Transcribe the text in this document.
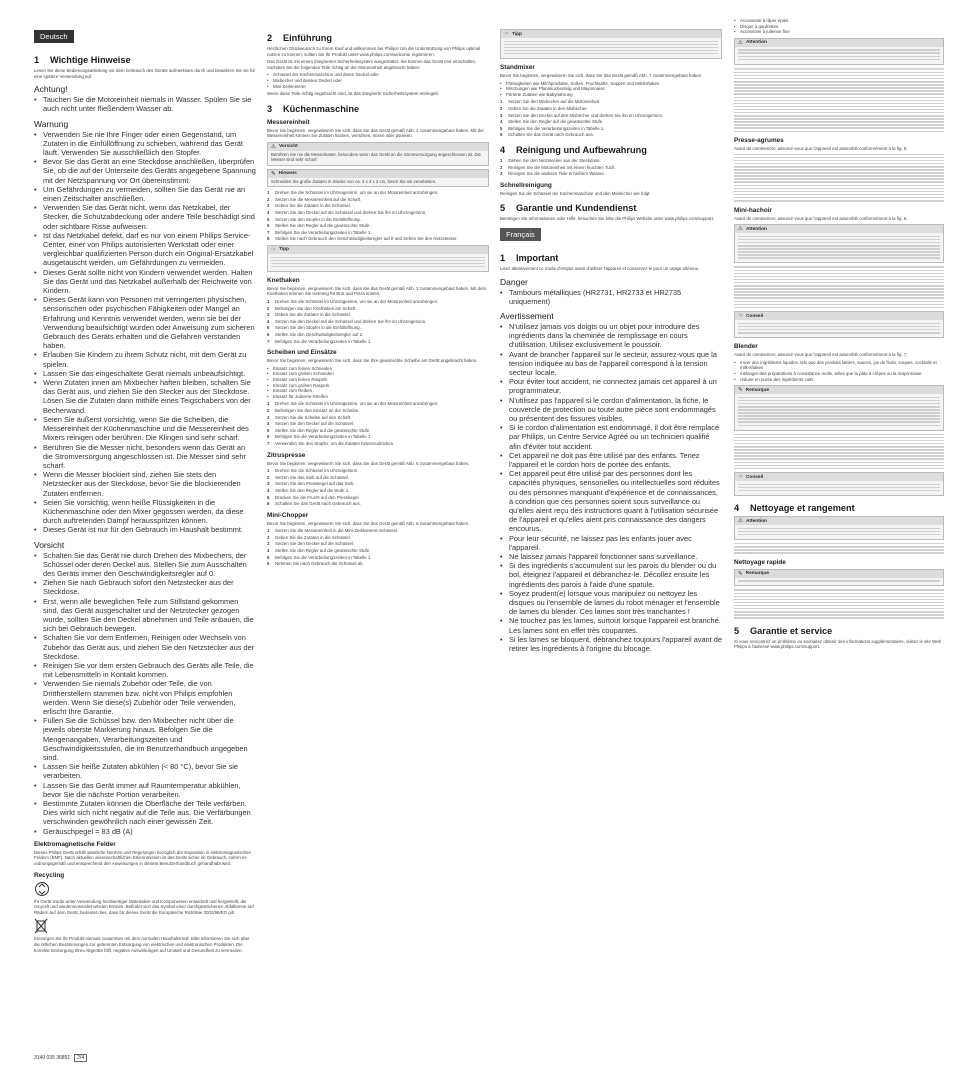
Deutsch
1 Wichtige Hinweise

Lesen Sie diese Bedienungsanleitung vor dem Gebrauch des Geräts aufmerksam durch und bewahren Sie sie für eine spätere Verwendung auf.

Achtung!
• Tauchen Sie die Motoreinheit niemals in Wasser. Spülen Sie sie auch nicht unter fließendem Wasser ab.
Warnung
• Verwenden Sie nie Ihre Finger oder einen Gegenstand, um Zutaten in die Einfüllöffnung zu schieben, während das Gerät läuft. Verwenden Sie ausschließlich den Stopfer.
• Bevor Sie das Gerät an eine Steckdose anschließen, überprüfen Sie, ob die auf der Unterseite des Geräts angegebene Spannung mit der Netzspannung vor Ort übereinstimmt.
• Um Gefährdungen zu vermeiden, sollten Sie das Gerät nie an einen Zeitschalter anschließen.
• Verwenden Sie das Gerät nicht, wenn das Netzkabel, der Stecker, die Schutzabdeckung oder andere Teile beschädigt sind oder sichtbare Risse aufweisen.
• Ist das Netzkabel defekt, darf es nur von einem Philips Service-Center, einer von Philips autorisierten Werkstatt oder einer vergleichbar qualifizierten Person durch ein Original-Ersatzkabel ausgetauscht werden, um Gefährdungen zu vermeiden.
• Dieses Gerät sollte nicht von Kindern verwendet werden. Halten Sie das Gerät und das Netzkabel außerhalb der Reichweite von Kindern.
• Dieses Gerät kann von Personen mit verringerten physischen, sensorischen oder psychischen Fähigkeiten oder Mangel an Erfahrung und Kenntnis verwendet werden, wenn sie bei der Verwendung beaufsichtigt wurden oder Anweisung zum sicheren Gebrauch des Geräts erhalten und die Gefahren verstanden haben.
• Erlauben Sie Kindern zu ihrem Schutz nicht, mit dem Gerät zu spielen.
• Lassen Sie das eingeschaltete Gerät niemals unbeaufsichtigt.
• Wenn Zutaten innen am Mixbecher haften bleiben, schalten Sie das Gerät aus, und ziehen Sie den Stecker aus der Steckdose. Lösen Sie die Zutaten dann mithilfe eines Teigschabers von der Becherwand.
• Seien Sie äußerst vorsichtig, wenn Sie die Scheiben, die Messereinheit der Küchenmaschine und die Messereinheit des Mixers reinigen oder berühren. Die Klingen sind sehr scharf.
• Berühren Sie die Messer nicht, besonders wenn das Gerät an die Stromversorgung angeschlossen ist. Die Messer sind sehr scharf.
• Wenn die Messer blockiert sind, ziehen Sie stets den Netzstecker aus der Steckdose, bevor Sie die blockierenden Zutaten entfernen.
• Seien Sie vorsichtig, wenn heiße Flüssigkeiten in die Küchenmaschine oder den Mixer gegossen werden, da diese durch auftretenden Dampf herausspritzen können.
• Dieses Gerät ist nur für den Gebrauch im Haushalt bestimmt.
Vorsicht
• Schalten Sie das Gerät nie durch Drehen des Mixbechers, der Schüssel oder deren Deckel aus. Stellen Sie zum Ausschalten des Geräts immer den Geschwindigkeitsregler auf 0.
• Ziehen Sie nach Gebrauch sofort den Netzstecker aus der Steckdose.
• Erst, wenn alle beweglichen Teile zum Stillstand gekommen sind, das Gerät ausgeschaltet und der Netzstecker gezogen wurde, sollten Sie den Deckel abnehmen und Teile anbauen, die sich bei Gebrauch bewegen.
• Schalten Sie vor dem Entfernen, Reinigen oder Wechseln von Zubehör das Gerät aus, und ziehen Sie den Netzstecker aus der Steckdose.
• Reinigen Sie vor dem ersten Gebrauch des Geräts alle Teile, die mit Lebensmitteln in Kontakt kommen.
• Verwenden Sie niemals Zubehör oder Teile, die von Drittherstellern stammen bzw. nicht von Philips empfohlen werden. Wenn Sie diese(s) Zubehör oder Teile verwenden, erlischt Ihre Garantie.
• Füllen Sie die Schüssel bzw. den Mixbecher nicht über die jeweils oberste Markierung hinaus. Befolgen Sie die Mengenangaben, Verarbeitungszeiten und Geschwindigkeitsstufen, die im Benutzerhandbuch angegeben sind.
• Lassen Sie heiße Zutaten abkühlen (< 80 °C), bevor Sie sie verarbeiten.
• Lassen Sie das Gerät immer auf Raumtemperatur abkühlen, bevor Sie die nächste Portion verarbeiten.
• Bestimmte Zutaten können die Oberfläche der Teile verfärben. Dies wirkt sich nicht negativ auf die Teile aus. Die Verfärbungen verschwinden gewöhnlich nach einer gewissen Zeit.
• Geräuschpegel = 83 dB (A)
Elektromagnetische Felder

Dieses Philips Gerät erfüllt sämtliche Normen und Regelungen bezüglich der Exposition in elektromagnetischen Feldern (EMF). Nach aktuellen wissenschaftlichen Erkenntnissen ist das Gerät sicher im Gebrauch, sofern es ordnungsgemäß und entsprechend den Anweisungen in diesem Benutzerhandbuch gehandhabt wird.

Recycling

Ihr Gerät wurde unter Verwendung hochwertiger Materialien und Komponenten entwickelt und hergestellt, die recycelt und wiederverwendet werden können. Befindet sich das Symbol einer durchgestrichenen Abfalltonne auf Rädern auf dem Gerät, bedeutet dies, dass für dieses Gerät die Europäische Richtlinie 2002/96/EG gilt.

Entsorgen Sie Ihr Produkt niemals zusammen mit dem normalen Haushaltsmüll. Bitte informieren Sie sich über die örtlichen Bestimmungen zur getrennten Entsorgung von elektrischen und elektronischen Produkten. Die korrekte Entsorgung Ihres Altgeräts hilft, negative Auswirkungen auf Umwelt und Gesundheit zu vermeiden.

2 Einführung

Herzlichen Glückwunsch zu Ihrem Kauf und willkommen bei Philips! Um die Unterstützung von Philips optimal nutzen zu können, sollten Sie Ihr Produkt unter www.philips.com/welcome registrieren.

Das Gerät ist mit einem integrierten Sicherheitssystem ausgestattet. Sie können das Gerät erst einschalten, nachdem Sie die folgenden Teile richtig an der Motoreinheit angebracht haben:

• Schüssel der Küchenmaschine und deren Deckel oder
• Mixbecher und dessen Deckel oder
• Mini-Zerkleinerer

Wenn diese Teile richtig angebracht sind, ist das integrierte Sicherheitssystem entriegelt.

3 Küchenmaschine
Messereinheit

Bevor Sie beginnen, vergewissern Sie sich, dass Sie das Gerät gemäß Abb. 2 zusammengebaut haben. Mit der Messereinheit können Sie Zutaten hacken, verrühren, mixen oder pürieren.

⚠ Vorsicht

Berühren Sie nie die Messerkante, besonders wenn das Gerät an die Stromversorgung angeschlossen ist. Die Messer sind sehr scharf.

✎ Hinweis

Schneiden Sie große Zutaten in Stücke von ca. 3 x 3 x 3 cm, bevor Sie sie verarbeiten.

1 Drehen Sie die Schüssel im Uhrzeigersinn, um sie an der Motoreinheit anzubringen.
2 Setzen Sie die Messereinheit auf die Schaft.
3 Geben Sie die Zutaten in die Schüssel.
4 Setzen Sie den Deckel auf die Schüssel und drehen Sie ihn im Uhrzeigersinn.
5 Setzen Sie den Stopfer in die Einfüllöffnung.
6 Stellen Sie den Regler auf die gewünschte Stufe.
7 Befolgen Sie die Verarbeitungszeiten in Tabelle 1.
8 Stellen Sie nach Gebrauch den Geschwindigkeitsregler auf 0 und ziehen Sie den Netzstecker.
☞ Tipp
Knethaken

Bevor Sie beginnen, vergewissern Sie sich, dass Sie das Gerät gemäß Abb. 3 zusammengebaut haben. Mit dem Knethaken können Sie Hefeteig für Brot und Pizza kneten.

1 Drehen Sie die Schüssel im Uhrzeigersinn, um sie an der Motoreinheit anzubringen.
2 Befestigen Sie den Knethaken am Schaft.
3 Geben Sie die Zutaten in die Schüssel.
4 Setzen Sie den Deckel auf die Schüssel und drehen Sie ihn im Uhrzeigersinn.
5 Setzen Sie den Stopfer in die Einfüllöffnung.
6 Stellen Sie den Geschwindigkeitsregler auf 2.
7 Befolgen Sie die Verarbeitungszeiten in Tabelle 1.
Scheiben und Einsätze

Bevor Sie beginnen, vergewissern Sie sich, dass Sie Ihre gewünschte Scheibe am Gerät angebracht haben.

• Einsatz zum feinen Schneiden
• Einsatz zum groben Schneiden
• Einsatz zum feinen Raspeln
• Einsatz zum groben Raspeln
• Einsatz zum Reiben
• Einsatz für Julienne-Streifen
1 Drehen Sie die Schüssel im Uhrzeigersinn, um sie an der Motoreinheit anzubringen.
2 Befestigen Sie den Einsatz an der Scheibe.
3 Setzen Sie die Scheibe auf den Schaft.
4 Setzen Sie den Deckel auf die Schüssel.
5 Stellen Sie den Regler auf die gewünschte Stufe.
6 Befolgen Sie die Verarbeitungszeiten in Tabelle 1.
7 Verwenden Sie den Stopfer, um die Zutaten hineinzudrücken.
Zitruspresse

Bevor Sie beginnen, vergewissern Sie sich, dass Sie das Gerät gemäß Abb. 5 zusammengebaut haben.

1 Drehen Sie die Schüssel im Uhrzeigersinn.
2 Setzen Sie das Sieb auf die Schüssel.
3 Setzen Sie den Presskegel auf das Sieb.
4 Stellen Sie den Regler auf die Stufe 1.
5 Drücken Sie die Frucht auf den Presskegel.
6 Schalten Sie das Gerät nach Gebrauch aus.
Mini-Chopper

Bevor Sie beginnen, vergewissern Sie sich, dass Sie das Gerät gemäß Abb. 6 zusammengebaut haben.

1 Setzen Sie die Messereinheit in die Mini-Zerkleinerer-Schüssel.
2 Geben Sie die Zutaten in die Schüssel.
3 Setzen Sie den Deckel auf die Schüssel.
4 Stellen Sie den Regler auf die gewünschte Stufe.
5 Befolgen Sie die Verarbeitungszeiten in Tabelle 1.
6 Nehmen Sie nach Gebrauch die Schüssel ab.
☞ Tipp
Standmixer

Bevor Sie beginnen, vergewissern Sie sich, dass Sie das Gerät gemäß Abb. 7 zusammengebaut haben.

• Flüssigkeiten wie Milchprodukte, Soßen, Fruchtsäfte, Suppen und Milchshakes
• Mischungen wie Pfannkuchenteig und Mayonnaise
• Pürierte Zutaten wie Babynahrung
1 Setzen Sie den Mixbecher auf die Motoreinheit.
2 Geben Sie die Zutaten in den Mixbecher.
3 Setzen Sie den Deckel auf den Mixbecher und drehen Sie ihn im Uhrzeigersinn.
4 Stellen Sie den Regler auf die gewünschte Stufe.
5 Befolgen Sie die Verarbeitungszeiten in Tabelle 1.
6 Schalten Sie das Gerät nach Gebrauch aus.
4 Reinigung und Aufbewahrung
1 Ziehen Sie den Netzstecker aus der Steckdose.
2 Reinigen Sie die Motoreinheit mit einem feuchten Tuch.
3 Reinigen Sie die anderen Teile in heißem Wasser.
Schnellreinigung

Reinigen Sie die Schüssel der Küchenmaschine und den Mixbecher wie folgt:

5 Garantie und Kundendienst

Benötigen Sie Informationen oder Hilfe, besuchen Sie bitte die Philips Website unter www.philips.com/support.

Français
1 Important

Lisez attentivement ce mode d'emploi avant d'utiliser l'appareil et conservez-le pour un usage ultérieur.

Danger
• Tambours métalliques (HR2731, HR2733 et HR2735 uniquement)
Avertissement
• N'utilisez jamais vos doigts ou un objet pour introduire des ingrédients dans la cheminée de remplissage en cours d'utilisation. Utilisez exclusivement le poussoir.
• Avant de brancher l'appareil sur le secteur, assurez-vous que la tension indiquée au bas de l'appareil correspond à la tension secteur locale.
• Pour éviter tout accident, ne connectez jamais cet appareil à un programmateur.
• N'utilisez pas l'appareil si le cordon d'alimentation, la fiche, le couvercle de protection ou toute autre pièce sont endommagés ou présentent des fissures visibles.
• Si le cordon d'alimentation est endommagé, il doit être remplacé par Philips, un Centre Service Agréé ou un technicien qualifié afin d'éviter tout accident.
• Cet appareil ne doit pas être utilisé par des enfants. Tenez l'appareil et le cordon hors de portée des enfants.
• Cet appareil peut être utilisé par des personnes dont les capacités physiques, sensorielles ou intellectuelles sont réduites ou des personnes manquant d'expérience et de connaissances, à condition que ces personnes soient sous surveillance ou qu'elles aient reçu des instructions quant à l'utilisation sécurisée de l'appareil et qu'elles aient pris connaissance des dangers encourus.
• Pour leur sécurité, ne laissez pas les enfants jouer avec l'appareil.
• Ne laissez jamais l'appareil fonctionner sans surveillance.
• Si des ingrédients s'accumulent sur les parois du blender ou du bol, éteignez l'appareil et débranchez-le. Décollez ensuite les ingrédients des parois à l'aide d'une spatule.
• Soyez prudent(e) lorsque vous manipulez ou nettoyez les disques ou l'ensemble de lames du robot ménager et l'ensemble de lames du blender. Ces lames sont très tranchantes !
• Ne touchez pas les lames, surtout lorsque l'appareil est branché. Les lames sont en effet très coupantes.
• Si les lames se bloquent, débranchez toujours l'appareil avant de retirer les ingrédients à l'origine du blocage.
• Accessoire à râper épais
• Disque à gaufrettes
• Accessoire à julienne fine
⚠ Attention
Presse-agrumes

Avant de commencer, assurez-vous que l'appareil est assemblé conformément à la fig. 5.

Mini-hachoir

Avant de commencer, assurez-vous que l'appareil est assemblé conformément à la fig. 6.

⚠ Attention
☞ Conseil
Blender

Avant de commencer, assurez-vous que l'appareil est assemblé conformément à la fig. 7.

• mixer des ingrédients liquides, tels que des produits laitiers, sauces, jus de fruits, soupes, cocktails et milk-shakes
• mélanger des préparations à consistance molle, telles que la pâte à crêpes ou la mayonnaise
• réduire en purée des ingrédients cuits
✎ Remarque
☞ Conseil
4 Nettoyage et rangement
⚠ Attention
Nettoyage rapide
✎ Remarque
5 Garantie et service

Si vous rencontrez un problème ou souhaitez obtenir des informations supplémentaires, visitez le site Web Philips à l'adresse www.philips.com/support.

3140 035 36851 2/4
